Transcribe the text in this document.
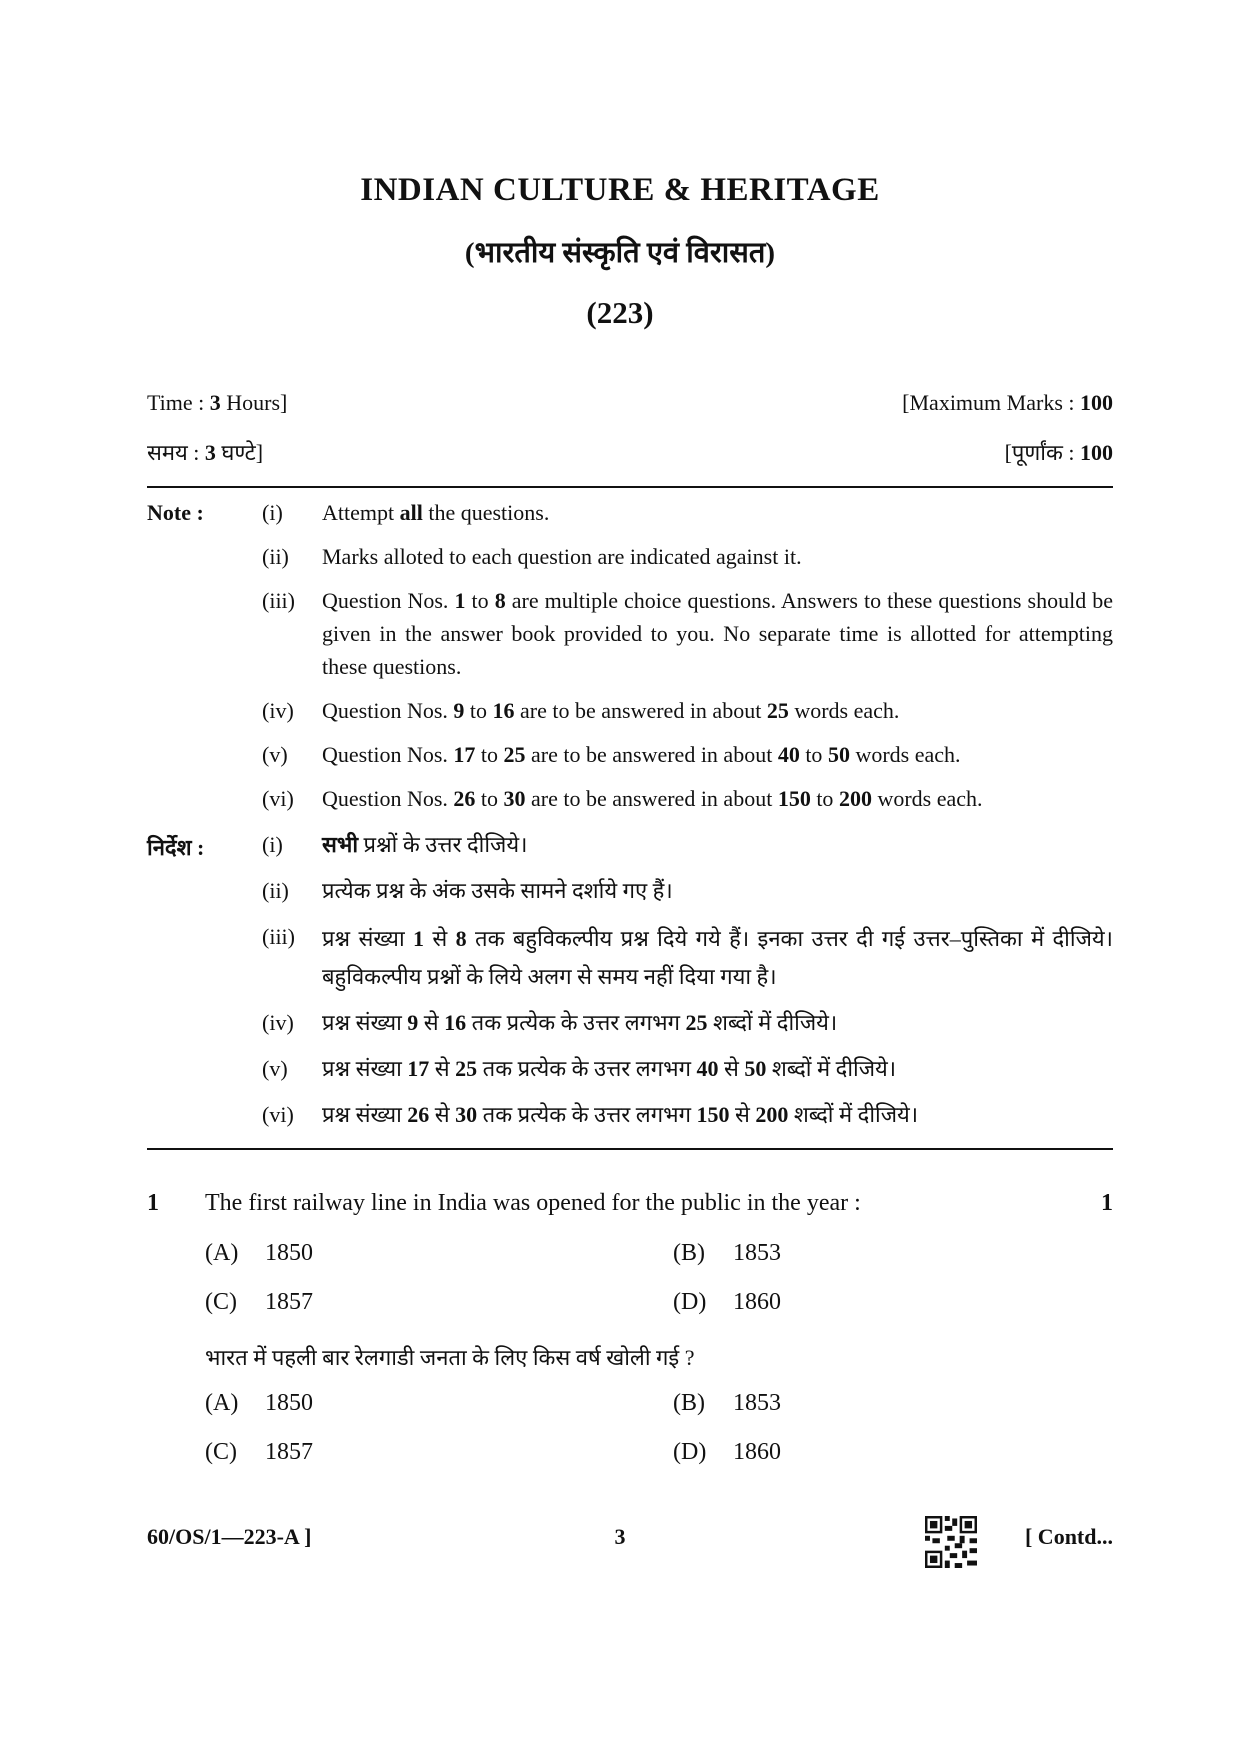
INDIAN CULTURE & HERITAGE
(भारतीय संस्कृति एवं विरासत)
(223)
Time : 3 Hours]	[Maximum Marks : 100
समय : 3 घण्टे]	[पूर्णांक : 100
Note :	(i) Attempt all the questions.
(ii) Marks alloted to each question are indicated against it.
(iii) Question Nos. 1 to 8 are multiple choice questions. Answers to these questions should be given in the answer book provided to you. No separate time is allotted for attempting these questions.
(iv) Question Nos. 9 to 16 are to be answered in about 25 words each.
(v) Question Nos. 17 to 25 are to be answered in about 40 to 50 words each.
(vi) Question Nos. 26 to 30 are to be answered in about 150 to 200 words each.
निर्देश :	(i) सभी प्रश्नों के उत्तर दीजिये।
(ii) प्रत्येक प्रश्न के अंक उसके सामने दर्शाये गए हैं।
(iii) प्रश्न संख्या 1 से 8 तक बहुविकल्पीय प्रश्न दिये गये हैं। इनका उत्तर दी गई उत्तर–पुस्तिका में दीजिये। बहुविकल्पीय प्रश्नों के लिये अलग से समय नहीं दिया गया है।
(iv) प्रश्न संख्या 9 से 16 तक प्रत्येक के उत्तर लगभग 25 शब्दों में दीजिये।
(v) प्रश्न संख्या 17 से 25 तक प्रत्येक के उत्तर लगभग 40 से 50 शब्दों में दीजिये।
(vi) प्रश्न संख्या 26 से 30 तक प्रत्येक के उत्तर लगभग 150 से 200 शब्दों में दीजिये।
1 The first railway line in India was opened for the public in the year :	1
(A) 1850	(B) 1853
(C) 1857	(D) 1860
भारत में पहली बार रेलगाडी जनता के लिए किस वर्ष खोली गई ?
(A) 1850	(B) 1853
(C) 1857	(D) 1860
60/OS/1—223-A ]	3	[ Contd...
